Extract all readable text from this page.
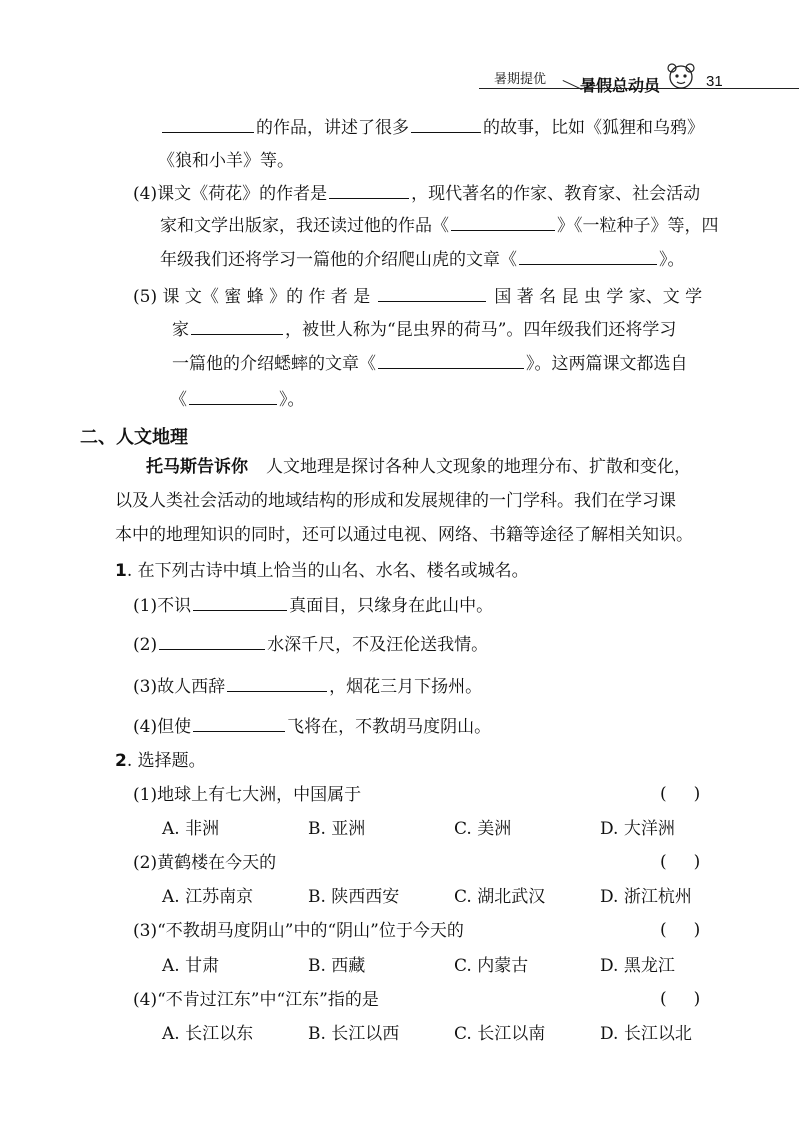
暑期提优 暑假总动员	31
的作品，讲述了很多	的故事，比如《狐狸和乌鸦》
《狼和小羊》等。
(4)课文《荷花》的作者是	，现代著名的作家、教育家、社会活动
家和文学出版家，我还读过他的作品《	》《一粒种子》等，四
年级我们还将学习一篇他的介绍爬山虎的文章《	》。
(5) 课 文《 蜜 蜂 》的 作 者 是	国 著 名 昆 虫 学 家、文 学
家	，被世人称为“昆虫界的荷马”。四年级我们还将学习
一篇他的介绍蟋蟀的文章《	》。这两篇课文都选自
《	》。
二、人文地理
托马斯告诉你 人文地理是探讨各种人文现象的地理分布、扩散和变化，
以及人类社会活动的地域结构的形成和发展规律的一门学科。我们在学习课
本中的地理知识的同时，还可以通过电视、网络、书籍等途径了解相关知识。
1. 在下列古诗中填上恰当的山名、水名、楼名或城名。
(1)不识	真面目，只缘身在此山中。
(2)	水深千尺，不及汪伦送我情。
(3)故人西辞	，烟花三月下扬州。
(4)但使	飞将在，不教胡马度阴山。
2. 选择题。
(1)地球上有七大洲，中国属于	(     )
A. 非洲	B. 亚洲	C. 美洲	D. 大洋洲
(2)黄鹤楼在今天的	(     )
A. 江苏南京	B. 陕西西安	C. 湖北武汉	D. 浙江杭州
(3)“不教胡马度阴山”中的“阴山”位于今天的	(     )
A. 甘肃	B. 西藏	C. 内蒙古	D. 黑龙江
(4)“不肯过江东”中“江东”指的是	(     )
A. 长江以东	B. 长江以西	C. 长江以南	D. 长江以北
